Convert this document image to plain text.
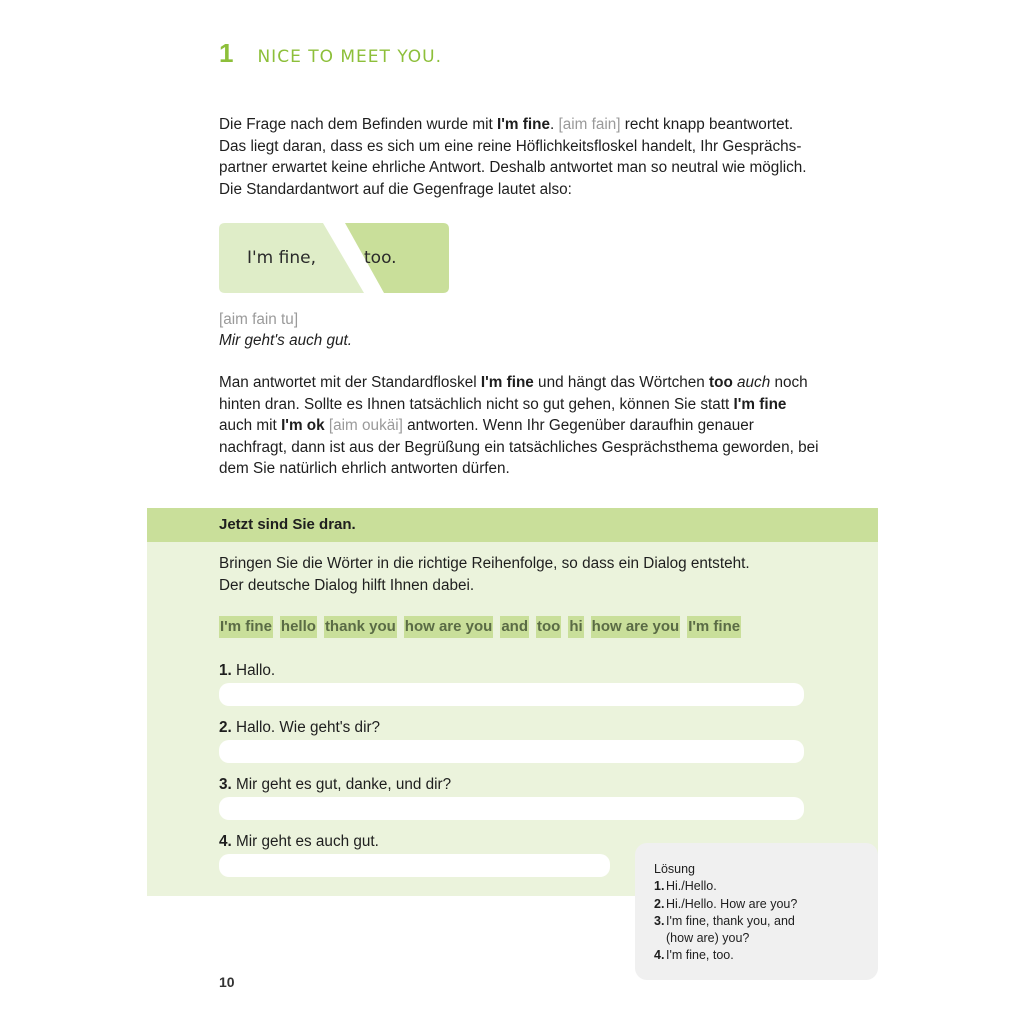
1 NICE TO MEET YOU.

Die Frage nach dem Befinden wurde mit I'm fine. [aim fain] recht knapp beantwortet. Das liegt daran, dass es sich um eine reine Höflichkeitsfloskel handelt, Ihr Gesprächspartner erwartet keine ehrliche Antwort. Deshalb antwortet man so neutral wie möglich. Die Standardantwort auf die Gegenfrage lautet also:

I'm fine,	too.
[aim fain tu]
Mir geht's auch gut.

Man antwortet mit der Standardfloskel I'm fine und hängt das Wörtchen too auch noch hinten dran. Sollte es Ihnen tatsächlich nicht so gut gehen, können Sie statt I'm fine auch mit I'm ok [aim oukäi] antworten. Wenn Ihr Gegenüber daraufhin genauer nachfragt, dann ist aus der Begrüßung ein tatsächliches Gesprächsthema geworden, bei dem Sie natürlich ehrlich antworten dürfen.

Jetzt sind Sie dran.

Bringen Sie die Wörter in die richtige Reihenfolge, so dass ein Dialog entsteht.
Der deutsche Dialog hilft Ihnen dabei.

I'm fine hello thank you how are you and too hi how are you I'm fine
1. Hallo.
2. Hallo. Wie geht's dir?
3. Mir geht es gut, danke, und dir?
4. Mir geht es auch gut.
Lösung
1. Hi./Hello.
2. Hi./Hello. How are you?
3. I'm fine, thank you, and
(how are) you?
4. I'm fine, too.
10
